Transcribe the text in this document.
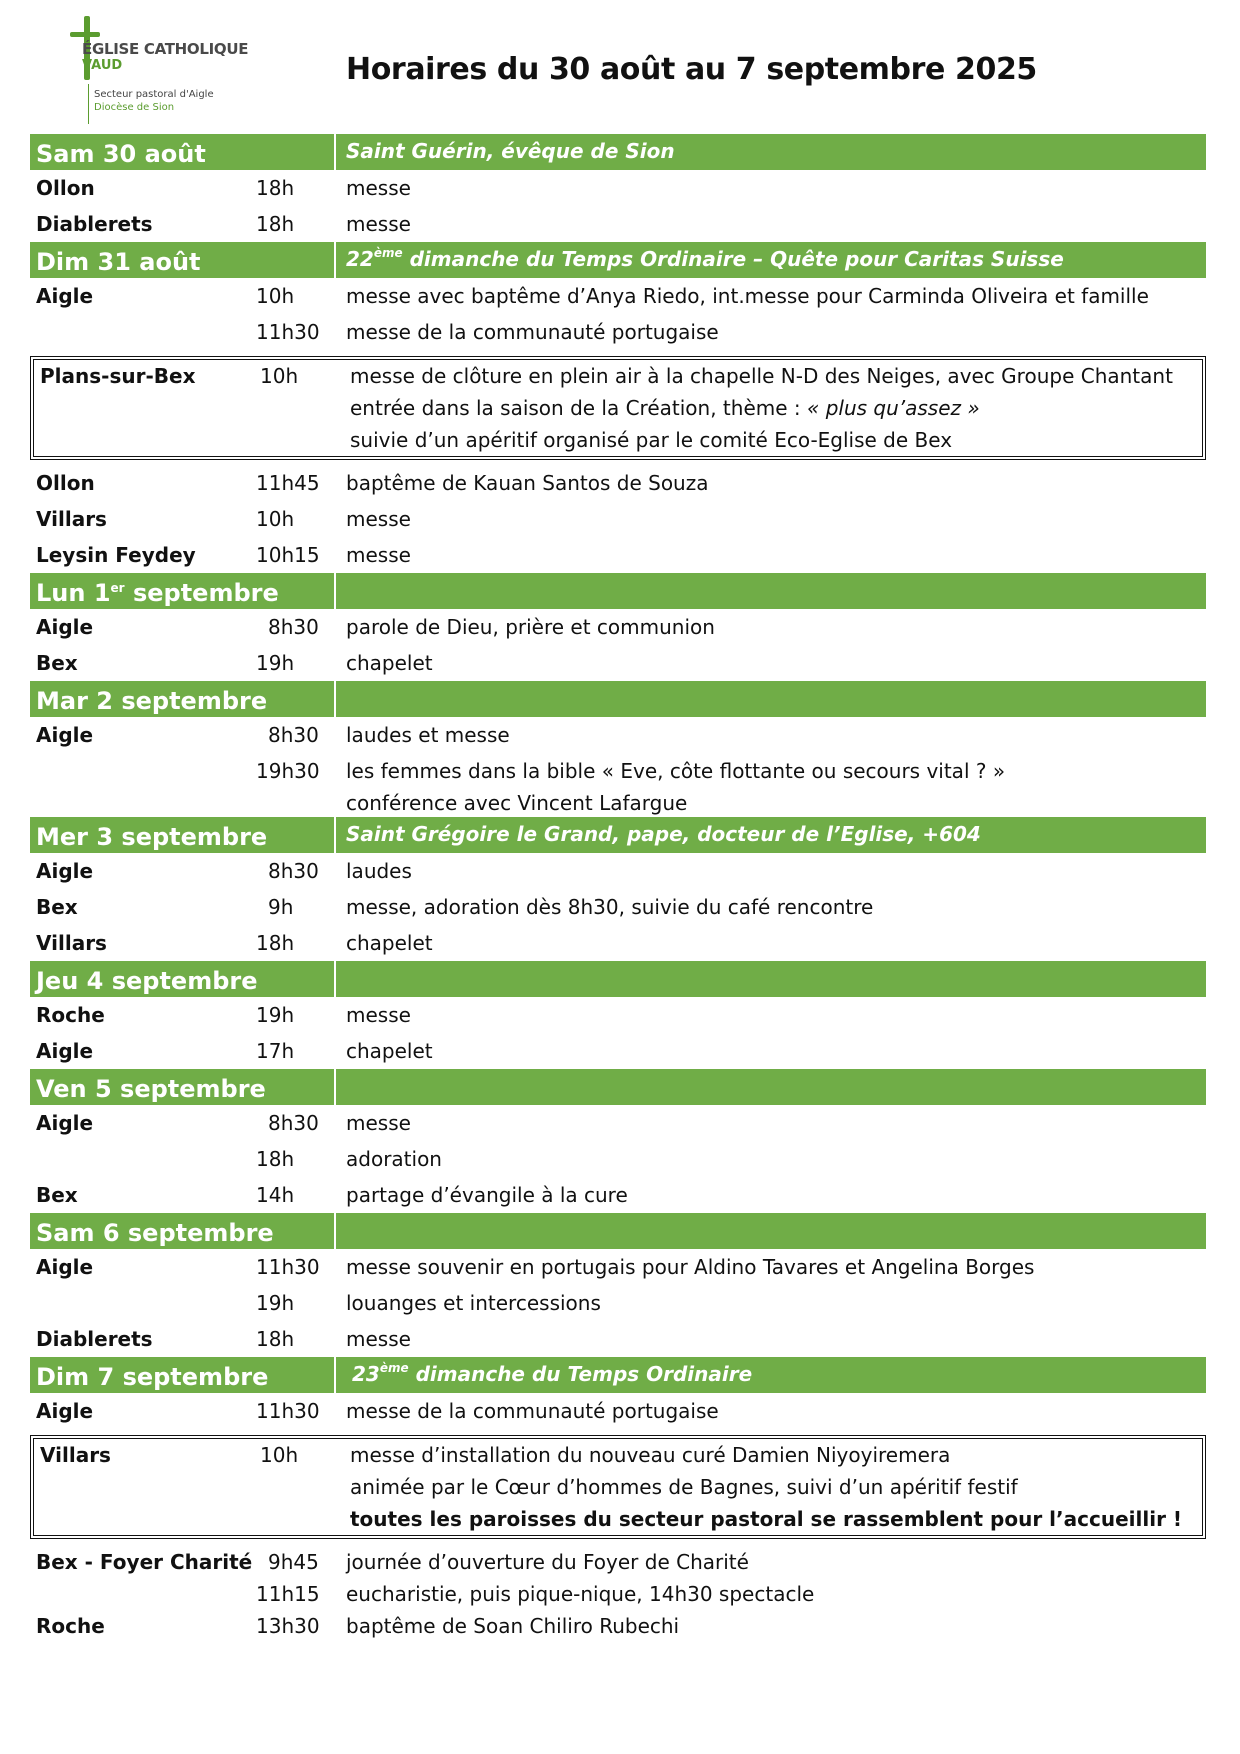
ÉGLISE CATHOLIQUE
VAUD
Secteur pastoral d'Aigle
Diocèse de Sion
Horaires du 30 août au 7 septembre 2025
Sam 30 août	Saint Guérin, évêque de Sion
Ollon	18h	messe
Diablerets	18h	messe
Dim 31 août	22ème dimanche du Temps Ordinaire – Quête pour Caritas Suisse
Aigle	10h	messe avec baptême d’Anya Riedo, int.messe pour Carminda Oliveira et famille
11h30 messe de la communauté portugaise
Plans-sur-Bex	10h	messe de clôture en plein air à la chapelle N-D des Neiges, avec Groupe Chantant
entrée dans la saison de la Création, thème : « plus qu’assez »
suivie d’un apéritif organisé par le comité Eco-Eglise de Bex
Ollon	11h45 baptême de Kauan Santos de Souza
Villars	10h	messe
Leysin Feydey	10h15 messe
Lun 1er septembre
Aigle	8h30 parole de Dieu, prière et communion
Bex	19h	chapelet
Mar 2 septembre
Aigle	8h30 laudes et messe
19h30 les femmes dans la bible « Eve, côte flottante ou secours vital ? »
conférence avec Vincent Lafargue
Mer 3 septembre	Saint Grégoire le Grand, pape, docteur de l’Eglise, +604
Aigle	8h30 laudes
Bex	9h	messe, adoration dès 8h30, suivie du café rencontre
Villars	18h	chapelet
Jeu 4 septembre
Roche	19h	messe
Aigle	17h	chapelet
Ven 5 septembre
Aigle	8h30 messe
18h	adoration
Bex	14h	partage d’évangile à la cure
Sam 6 septembre
Aigle	11h30 messe souvenir en portugais pour Aldino Tavares et Angelina Borges
19h	louanges et intercessions
Diablerets	18h	messe
Dim 7 septembre	23ème dimanche du Temps Ordinaire
Aigle	11h30 messe de la communauté portugaise
Villars	10h	messe d’installation du nouveau curé Damien Niyoyiremera
animée par le Cœur d’hommes de Bagnes, suivi d’un apéritif festif
toutes les paroisses du secteur pastoral se rassemblent pour l’accueillir !
Bex - Foyer Charité 9h45 journée d’ouverture du Foyer de Charité
11h15 eucharistie, puis pique-nique, 14h30 spectacle
Roche	13h30 baptême de Soan Chiliro Rubechi
